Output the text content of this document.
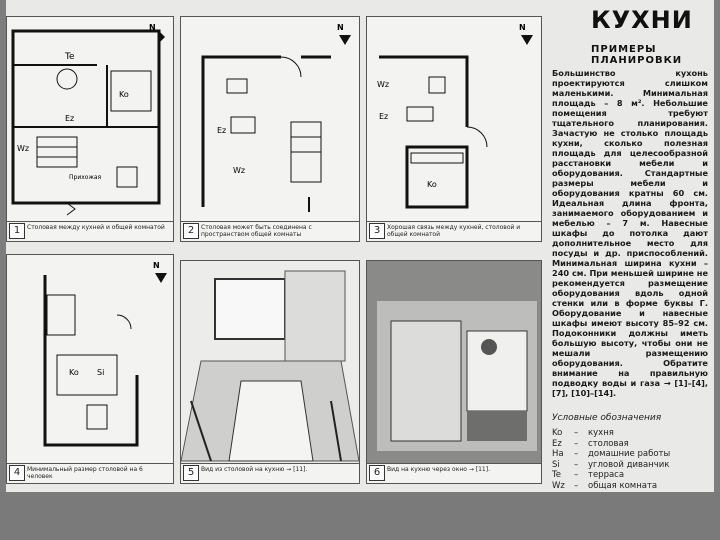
Te
Ko
Ez
Wz
Прихожая
N
1	Столовая между кухней и общей комнатой
Ez
Wz
N
2	Столовая может быть соединена с пространством общей комнаты
Wz
Ez
Ko
N
3	Хорошая связь между кухней, столовой и общей комнатой
Ko Si
N
4	Минимальный размер столовой на 6 человек	5	Вид из столовой на кухню → [11].	6	Вид на кухню через окно → [11].
КУХНИ
ПРИМЕРЫ ПЛАНИРОВКИ
Большинство кухонь проектируются слишком маленькими. Минимальная площадь – 8 м². Небольшие помещения требуют тщательного планирования. Зачастую не столько площадь кухни, сколько полезная площадь для целесообразной расстановки мебели и оборудования. Стандартные размеры мебели и оборудования кратны 60 см. Идеальная длина фронта, занимаемого оборудованием и мебелью – 7 м. Навесные шкафы до потолка дают дополнительное место для посуды и др. приспособлений. Минимальная ширина кухни – 240 см. При меньшей ширине не рекомендуется размещение оборудования вдоль одной стенки или в форме буквы Г. Оборудование и навесные шкафы имеют высоту 85–92 см. Подоконники должны иметь большую высоту, чтобы они не мешали размещению оборудования. Обратите внимание на правильную подводку воды и газа → [1]–[4], [7], [10]–[14].
Условные обозначения
Ko	–	кухня
Ez	–	столовая
Ha	–	домашние работы
Si	–	угловой диванчик
Te	–	терраса
Wz	–	общая комната
